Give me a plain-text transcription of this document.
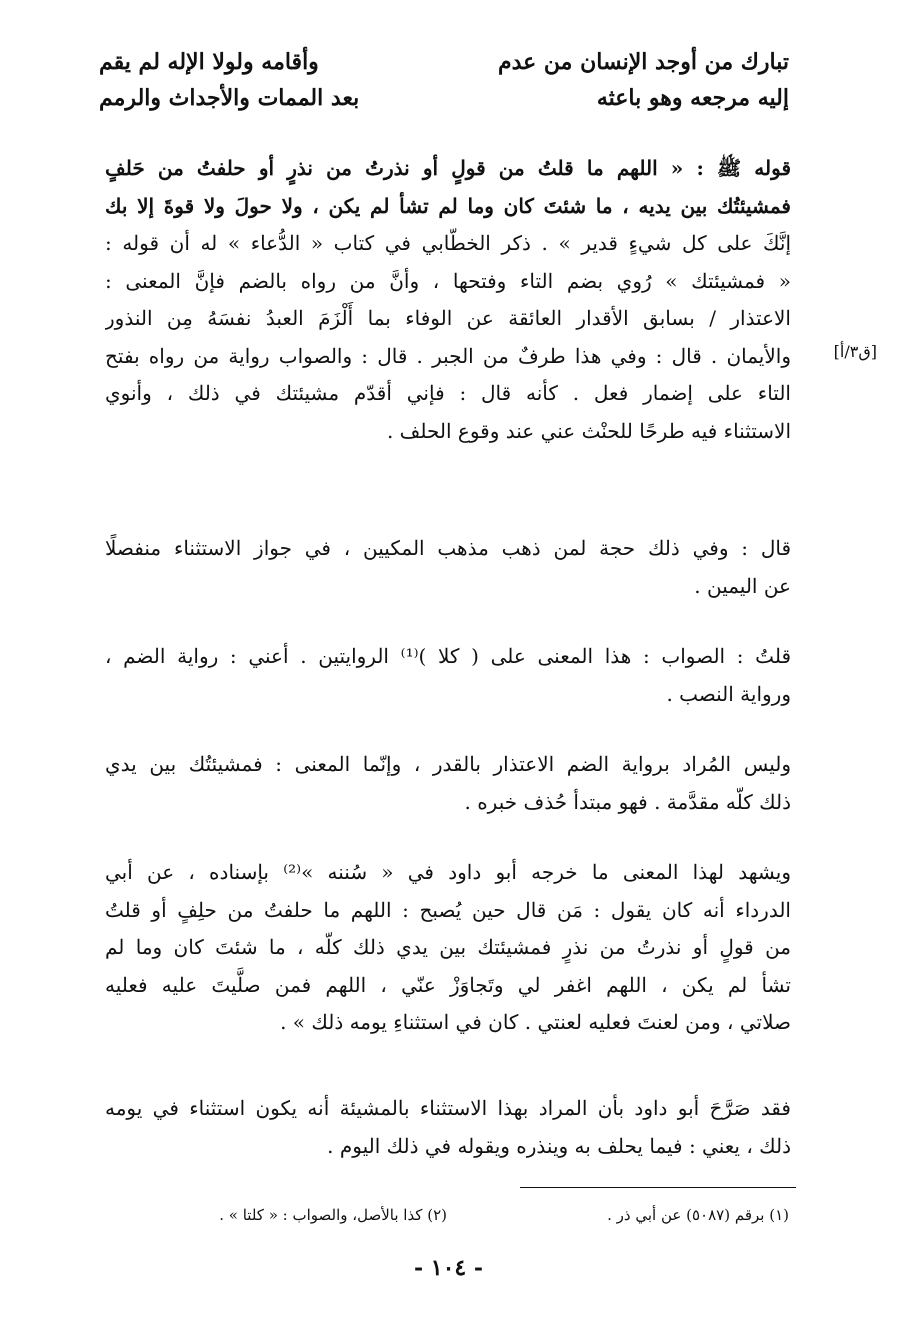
تبارك من أوجد الإنسان من عدم
وأقامه ولولا الإله لم يقم
إليه مرجعه وهو باعثه
بعد الممات والأجداث والرمم
قوله ﷺ : « اللهم ما قلتُ من قولٍ أو نذرتُ من نذرٍ أو حلفتُ من حَلفٍ
فمشيئتُك بين يديه ، ما شئتَ كان وما لم تشأ لم يكن ، ولا حولَ ولا قوةَ إلا بك
إنَّكَ على كل شيءٍ قدير » . ذكر الخطّابي في كتاب « الدُّعاء » له أن قوله :
« فمشيئتك » رُوي بضم التاء وفتحها ، وأنَّ من رواه بالضم فإنَّ المعنى :
الاعتذار / بسابق الأقدار العائقة عن الوفاء بما أَلْزَمَ العبدُ نفسَهُ مِن النذور
والأيمان . قال : وفي هذا طرفٌ من الجبر . قال : والصواب رواية من رواه بفتح
التاء على إضمار فعل . كأنه قال : فإني أقدّم مشيئتك في ذلك ، وأنوي
الاستثناء فيه طرحًا للحنْث عني عند وقوع الحلف .
[ق٣/أ]
قال : وفي ذلك حجة لمن ذهب مذهب المكيين ، في جواز الاستثناء منفصلًا
عن اليمين .
قلتُ : الصواب : هذا المعنى على ( كلا )⁽¹⁾ الروايتين . أعني : رواية الضم ،
ورواية النصب .
وليس المُراد برواية الضم الاعتذار بالقدر ، وإنّما المعنى : فمشيئتُك بين يدي
ذلك كلّه مقدَّمة . فهو مبتدأ حُذف خبره .
ويشهد لهذا المعنى ما خرجه أبو داود في « سُننه »⁽²⁾ بإسناده ، عن أبي
الدرداء أنه كان يقول : مَن قال حين يُصبح : اللهم ما حلفتُ من حلِفٍ أو قلتُ
من قولٍ أو نذرتُ من نذرٍ فمشيئتك بين يدي ذلك كلّه ، ما شئتَ كان وما لم
تشأ لم يكن ، اللهم اغفر لي وتَجاوَزْ عنّي ، اللهم فمن صلَّيتَ عليه فعليه
صلاتي ، ومن لعنتَ فعليه لعنتي . كان في استثناءِ يومه ذلك » .
فقد صَرَّحَ أبو داود بأن المراد بهذا الاستثناء بالمشيئة أنه يكون استثناء في يومه
ذلك ، يعني : فيما يحلف به وينذره ويقوله في ذلك اليوم .
(١) برقم (٥٠٨٧) عن أبي ذر .
(٢) كذا بالأصل، والصواب : « كلتا » .
- ١٠٤ -
